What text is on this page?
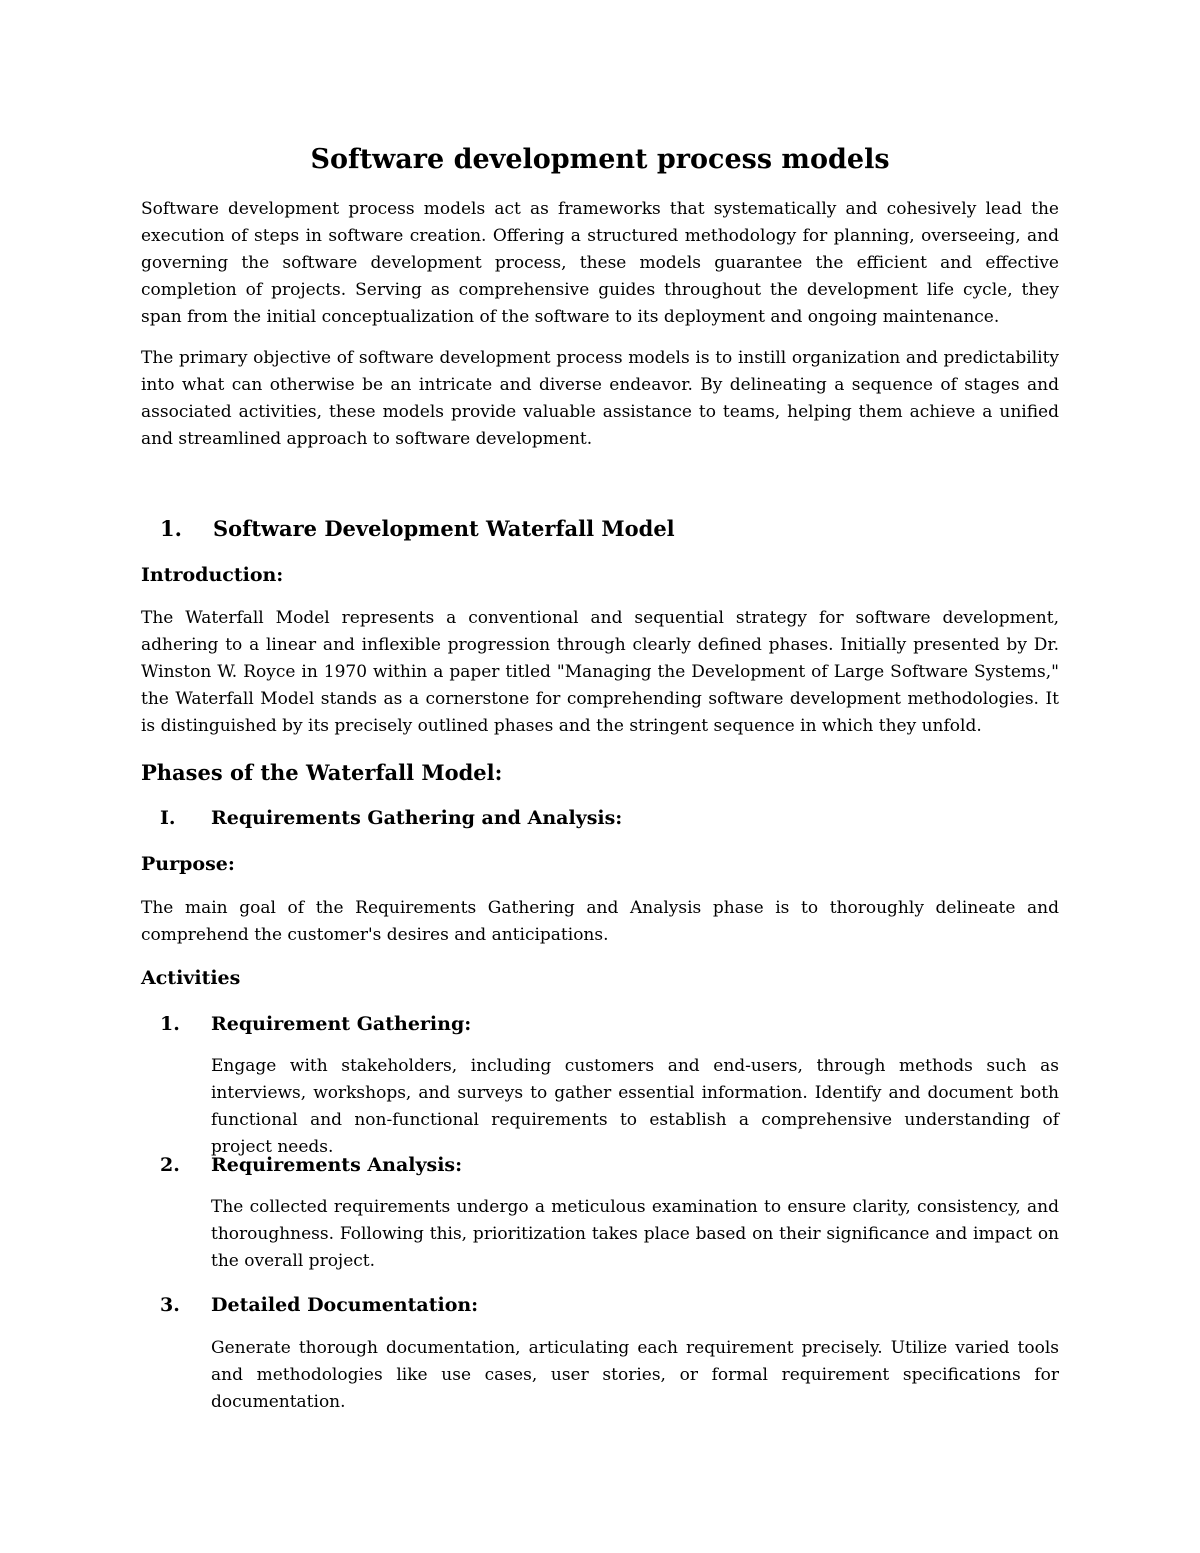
Software development process models

Software development process models act as frameworks that systematically and cohesively lead the execution of steps in software creation. Offering a structured methodology for planning, overseeing, and governing the software development process, these models guarantee the efficient and effective completion of projects. Serving as comprehensive guides throughout the development life cycle, they span from the initial conceptualization of the software to its deployment and ongoing maintenance.

The primary objective of software development process models is to instill organization and predictability into what can otherwise be an intricate and diverse endeavor. By delineating a sequence of stages and associated activities, these models provide valuable assistance to teams, helping them achieve a unified and streamlined approach to software development.

1. Software Development Waterfall Model
Introduction:

The Waterfall Model represents a conventional and sequential strategy for software development, adhering to a linear and inflexible progression through clearly defined phases. Initially presented by Dr. Winston W. Royce in 1970 within a paper titled "Managing the Development of Large Software Systems," the Waterfall Model stands as a cornerstone for comprehending software development methodologies. It is distinguished by its precisely outlined phases and the stringent sequence in which they unfold.

Phases of the Waterfall Model:
I. Requirements Gathering and Analysis:
Purpose:

The main goal of the Requirements Gathering and Analysis phase is to thoroughly delineate and comprehend the customer's desires and anticipations.

Activities
1. Requirement Gathering:

Engage with stakeholders, including customers and end-users, through methods such as interviews, workshops, and surveys to gather essential information. Identify and document both functional and non-functional requirements to establish a comprehensive understanding of project needs.

2. Requirements Analysis:

The collected requirements undergo a meticulous examination to ensure clarity, consistency, and thoroughness. Following this, prioritization takes place based on their significance and impact on the overall project.

3. Detailed Documentation:

Generate thorough documentation, articulating each requirement precisely. Utilize varied tools and methodologies like use cases, user stories, or formal requirement specifications for documentation.
